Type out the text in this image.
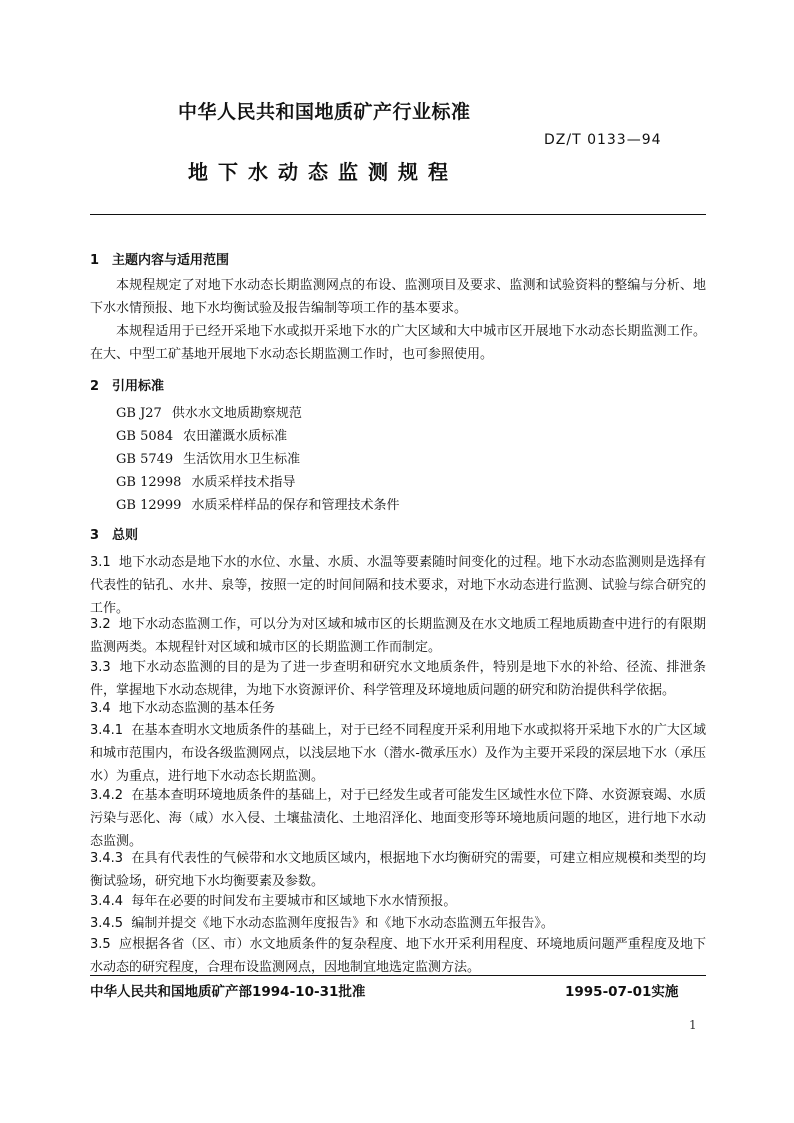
中华人民共和国地质矿产行业标准
DZ/T 0133—94
地下水动态监测规程
1 主题内容与适用范围
本规程规定了对地下水动态长期监测网点的布设、监测项目及要求、监测和试验资料的整编与分析、地下水水情预报、地下水均衡试验及报告编制等项工作的基本要求。
本规程适用于已经开采地下水或拟开采地下水的广大区域和大中城市区开展地下水动态长期监测工作。在大、中型工矿基地开展地下水动态长期监测工作时，也可参照使用。
2 引用标准
GB J27 供水水文地质勘察规范
GB 5084 农田灌溉水质标准
GB 5749 生活饮用水卫生标准
GB 12998 水质采样技术指导
GB 12999 水质采样样品的保存和管理技术条件
3 总则
3.1 地下水动态是地下水的水位、水量、水质、水温等要素随时间变化的过程。地下水动态监测则是选择有代表性的钻孔、水井、泉等，按照一定的时间间隔和技术要求，对地下水动态进行监测、试验与综合研究的工作。
3.2 地下水动态监测工作，可以分为对区域和城市区的长期监测及在水文地质工程地质勘查中进行的有限期监测两类。本规程针对区域和城市区的长期监测工作而制定。
3.3 地下水动态监测的目的是为了进一步查明和研究水文地质条件，特别是地下水的补给、径流、排泄条件，掌握地下水动态规律，为地下水资源评价、科学管理及环境地质问题的研究和防治提供科学依据。
3.4 地下水动态监测的基本任务
3.4.1 在基本查明水文地质条件的基础上，对于已经不同程度开采利用地下水或拟将开采地下水的广大区域和城市范围内，布设各级监测网点，以浅层地下水（潜水-微承压水）及作为主要开采段的深层地下水（承压水）为重点，进行地下水动态长期监测。
3.4.2 在基本查明环境地质条件的基础上，对于已经发生或者可能发生区域性水位下降、水资源衰竭、水质污染与恶化、海（咸）水入侵、土壤盐渍化、土地沼泽化、地面变形等环境地质问题的地区，进行地下水动态监测。
3.4.3 在具有代表性的气候带和水文地质区域内，根据地下水均衡研究的需要，可建立相应规模和类型的均衡试验场，研究地下水均衡要素及参数。
3.4.4 每年在必要的时间发布主要城市和区域地下水水情预报。
3.4.5 编制并提交《地下水动态监测年度报告》和《地下水动态监测五年报告》。
3.5 应根据各省（区、市）水文地质条件的复杂程度、地下水开采利用程度、环境地质问题严重程度及地下水动态的研究程度，合理布设监测网点，因地制宜地选定监测方法。
中华人民共和国地质矿产部1994-10-31批准	1995-07-01实施
1
